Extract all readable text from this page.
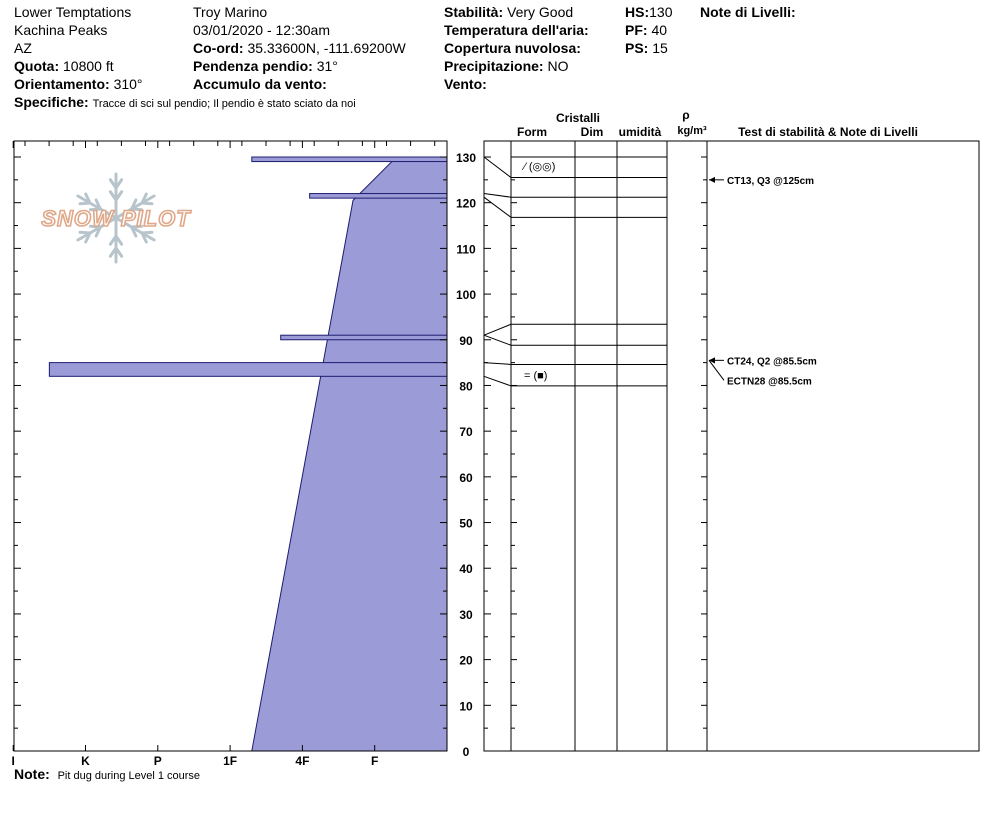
Lower Temptations
Kachina Peaks
AZ
Quota: 10800 ft
Orientamento: 310°
Specifiche: Tracce di sci sul pendio; Il pendio è stato sciato da noi
Troy Marino
03/01/2020 - 12:30am
Co-ord: 35.33600N, -111.69200W
Pendenza pendio: 31°
Accumulo da vento:
Stabilità: Very Good
Temperatura dell'aria:
Copertura nuvolosa:
Precipitazione: NO
Vento:
HS:130
PF: 40
PS: 15
Note di Livelli:
SNOW PILOT
I	K	P	1F	4F	F
0
10
20
30
40
50
60
70
80
90
100
110
120
130
⁄ (◎◎)
= (■)
CT13, Q3 @125cm
CT24, Q2 @85.5cm
ECTN28 @85.5cm
Cristalli
Form	Dim umidità
ρ
kg/m³	Test di stabilità & Note di Livelli
Note: Pit dug during Level 1 course
